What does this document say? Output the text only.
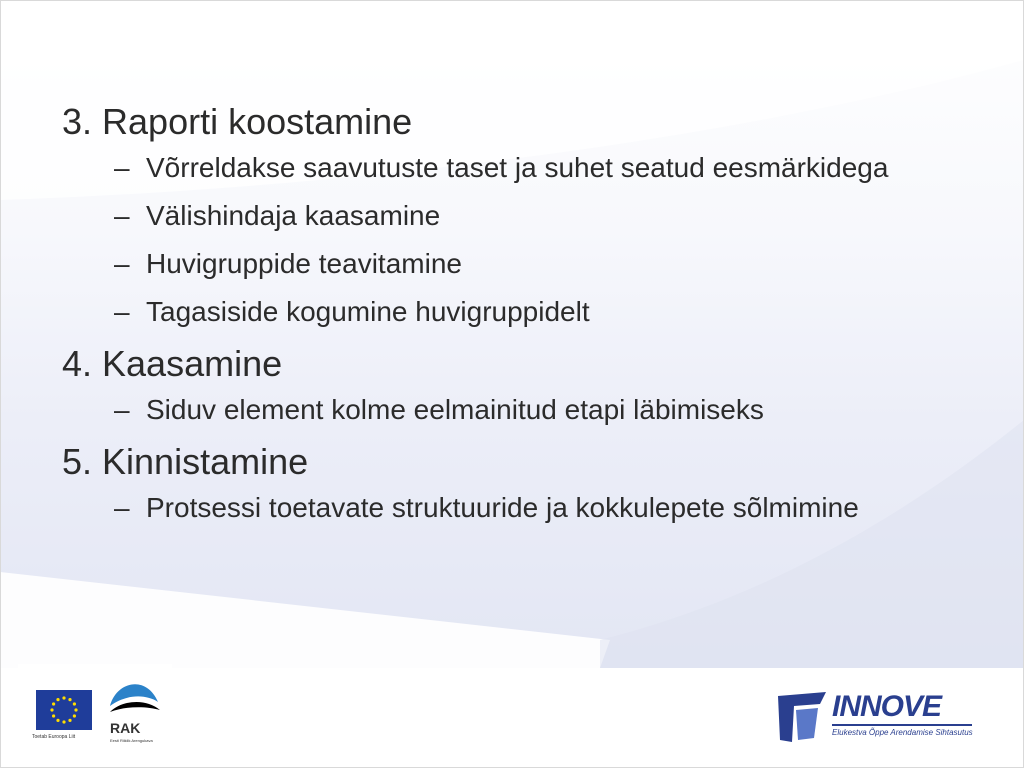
3. Raporti koostamine
– Võrreldakse saavutuste taset ja suhet seatud eesmärkidega
– Välishindaja kaasamine
– Huvigruppide teavitamine
– Tagasiside kogumine huvigruppidelt
4. Kaasamine
– Siduv element kolme eelmainitud etapi läbimiseks
5. Kinnistamine
– Protsessi toetavate struktuuride ja kokkulepete sõlmimine
Toetab Euroopa Liit
RAK
Eesti Riiklik Arengukava
INNOVE
Elukestva Õppe Arendamise Sihtasutus
